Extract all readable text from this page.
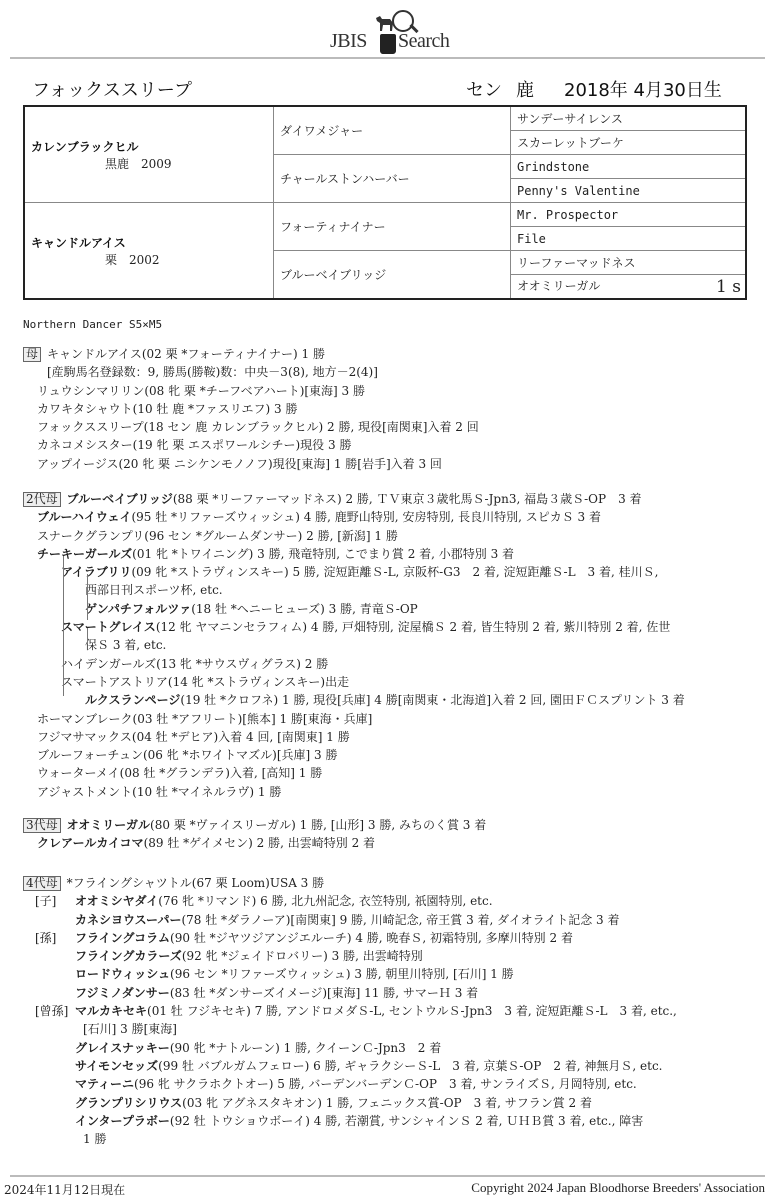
JBIS Search
フォックススリープ	セン 鹿 2018年 4月30日生
カレンブラックヒル
黒鹿　 2009	ダイワメジャー	サンデーサイレンス
		スカーレットブーケ
	チャールストンハーバー	Grindstone
		Penny's Valentine

キャンドルアイス
栗　 2002	フォーティナイナー	Mr. Prospector
		File
	ブルーベイブリッジ	リーファーマッドネス
		オオミリーガル 1 s
Northern Dancer S5×M5
母 キャンドルアイス(02 栗 *フォーティナイナー) 1 勝
[産駒馬名登録数：9, 勝馬(勝鞍)数：中央－3(8), 地方－2(4)]
リュウシンマリリン(08 牝 栗 *チーフベアハート)[東海] 3 勝
カワキタシャウト(10 牡 鹿 *ファスリエフ) 3 勝
フォックススリープ(18 セン 鹿 カレンブラックヒル) 2 勝, 現役[南関東]入着 2 回
カネコメシスター(19 牝 栗 エスポワールシチー)現役 3 勝
アップイージス(20 牝 栗 ニシケンモノノフ)現役[東海] 1 勝[岩手]入着 3 回
2代母 ブルーベイブリッジ(88 栗 *リーファーマッドネス) 2 勝, ＴＶ東京３歳牝馬Ｓ-Jpn3, 福島３歳Ｓ-OP　3 着
ブルーハイウェイ(95 牡 *リファーズウィッシュ) 4 勝, 鹿野山特別, 安房特別, 長良川特別, スピカＳ 3 着
スナークグランプリ(96 セン *グルームダンサー) 2 勝, [新潟] 1 勝
チーキーガールズ(01 牝 *トワイニング) 3 勝, 飛竜特別, こでまり賞 2 着, 小郡特別 3 着
アイラブリリ(09 牝 *ストラヴィンスキー) 5 勝, 淀短距離Ｓ-L, 京阪杯-G3　2 着, 淀短距離Ｓ-L　3 着, 桂川Ｓ,
西部日刊スポーツ杯, etc.
ゲンパチフォルツァ(18 牡 *ヘニーヒューズ) 3 勝, 青竜Ｓ-OP
スマートグレイス(12 牝 ヤマニンセラフィム) 4 勝, 戸畑特別, 淀屋橋Ｓ 2 着, 皆生特別 2 着, 紫川特別 2 着, 佐世
保Ｓ 3 着, etc.
ハイデンガールズ(13 牝 *サウスヴィグラス) 2 勝
スマートアストリア(14 牝 *ストラヴィンスキー)出走
ルクスランページ(19 牡 *クロフネ) 1 勝, 現役[兵庫] 4 勝[南関東・北海道]入着 2 回, 園田ＦＣスプリント 3 着
ホーマンブレーク(03 牡 *アフリート)[熊本] 1 勝[東海・兵庫]
フジマサマックス(04 牡 *デヒア)入着 4 回, [南関東] 1 勝
ブルーフォーチュン(06 牝 *ホワイトマズル)[兵庫] 3 勝
ウォーターメイ(08 牡 *グランデラ)入着, [高知] 1 勝
アジャストメント(10 牡 *マイネルラヴ) 1 勝
3代母 オオミリーガル(80 栗 *ヴァイスリーガル) 1 勝, [山形] 3 勝, みちのく賞 3 着
クレアールカイコマ(89 牡 *ゲイメセン) 2 勝, 出雲崎特別 2 着
4代母 *フライングシャツトル(67 栗 Loom)USA 3 勝
[子] オオミシヤダイ(76 牝 *リマンド) 6 勝, 北九州記念, 衣笠特別, 祇園特別, etc.
カネシヨウスーパー(78 牡 *ダラノーア)[南関東] 9 勝, 川崎記念, 帝王賞 3 着, ダイオライト記念 3 着
[孫] フライングコラム(90 牡 *ジヤツジアンジエルーチ) 4 勝, 晩春Ｓ, 初霜特別, 多摩川特別 2 着
フライングカラーズ(92 牝 *ジェイドロバリー) 3 勝, 出雲崎特別
ロードウィッシュ(96 セン *リファーズウィッシュ) 3 勝, 朝里川特別, [石川] 1 勝
フジミノダンサー(83 牡 *ダンサーズイメージ)[東海] 11 勝, サマーＨ 3 着
[曾孫] マルカキセキ(01 牡 フジキセキ) 7 勝, アンドロメダＳ-L, セントウルＳ-Jpn3　3 着, 淀短距離Ｓ-L　3 着, etc.,
[石川] 3 勝[東海]
グレイスナッキー(90 牝 *ナトルーン) 1 勝, クイーンＣ-Jpn3　2 着
サイモンセッズ(99 牡 バブルガムフェロー) 6 勝, ギャラクシーＳ-L　3 着, 京葉Ｓ-OP　2 着, 神無月Ｓ, etc.
マティーニ(96 牝 サクラホクトオー) 5 勝, バーデンバーデンＣ-OP　3 着, サンライズＳ, 月岡特別, etc.
グランプリシリウス(03 牝 アグネスタキオン) 1 勝, フェニックス賞-OP　3 着, サフラン賞 2 着
インタープラボー(92 牡 トウショウボーイ) 4 勝, 若潮賞, サンシャインＳ 2 着, ＵＨＢ賞 3 着, etc., 障害
1 勝
2024年11月12日現在	Copyright 2024 Japan Bloodhorse Breeders' Association
